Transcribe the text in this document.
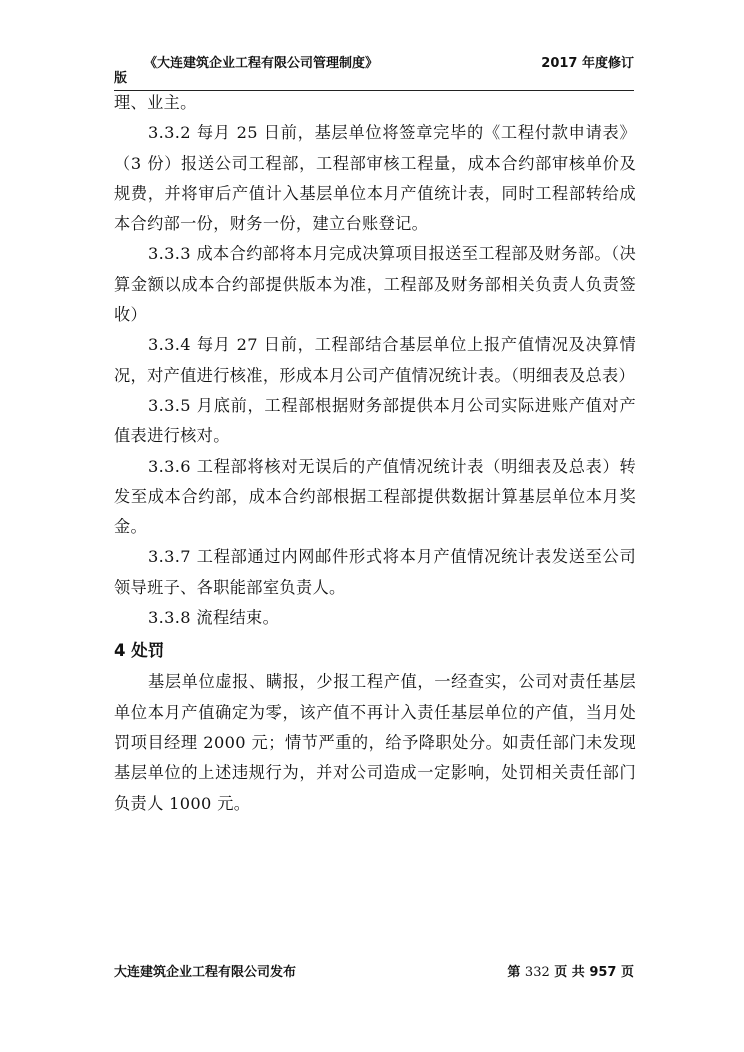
《大连建筑企业工程有限公司管理制度》	2017 年度修订
版

理、业主。

3.3.2 每月 25 日前，基层单位将签章完毕的《工程付款申请表》（3 份）报送公司工程部，工程部审核工程量，成本合约部审核单价及规费，并将审后产值计入基层单位本月产值统计表，同时工程部转给成本合约部一份，财务一份，建立台账登记。

3.3.3 成本合约部将本月完成决算项目报送至工程部及财务部。（决算金额以成本合约部提供版本为准，工程部及财务部相关负责人负责签收）

3.3.4 每月 27 日前，工程部结合基层单位上报产值情况及决算情况，对产值进行核准，形成本月公司产值情况统计表。（明细表及总表）

3.3.5 月底前，工程部根据财务部提供本月公司实际进账产值对产值表进行核对。

3.3.6 工程部将核对无误后的产值情况统计表（明细表及总表）转发至成本合约部，成本合约部根据工程部提供数据计算基层单位本月奖金。

3.3.7 工程部通过内网邮件形式将本月产值情况统计表发送至公司领导班子、各职能部室负责人。

3.3.8 流程结束。

4 处罚

基层单位虚报、瞒报，少报工程产值，一经查实，公司对责任基层单位本月产值确定为零，该产值不再计入责任基层单位的产值，当月处罚项目经理 2000 元；情节严重的，给予降职处分。如责任部门未发现基层单位的上述违规行为，并对公司造成一定影响，处罚相关责任部门负责人 1000 元。

大连建筑企业工程有限公司发布	第 332 页 共 957 页
